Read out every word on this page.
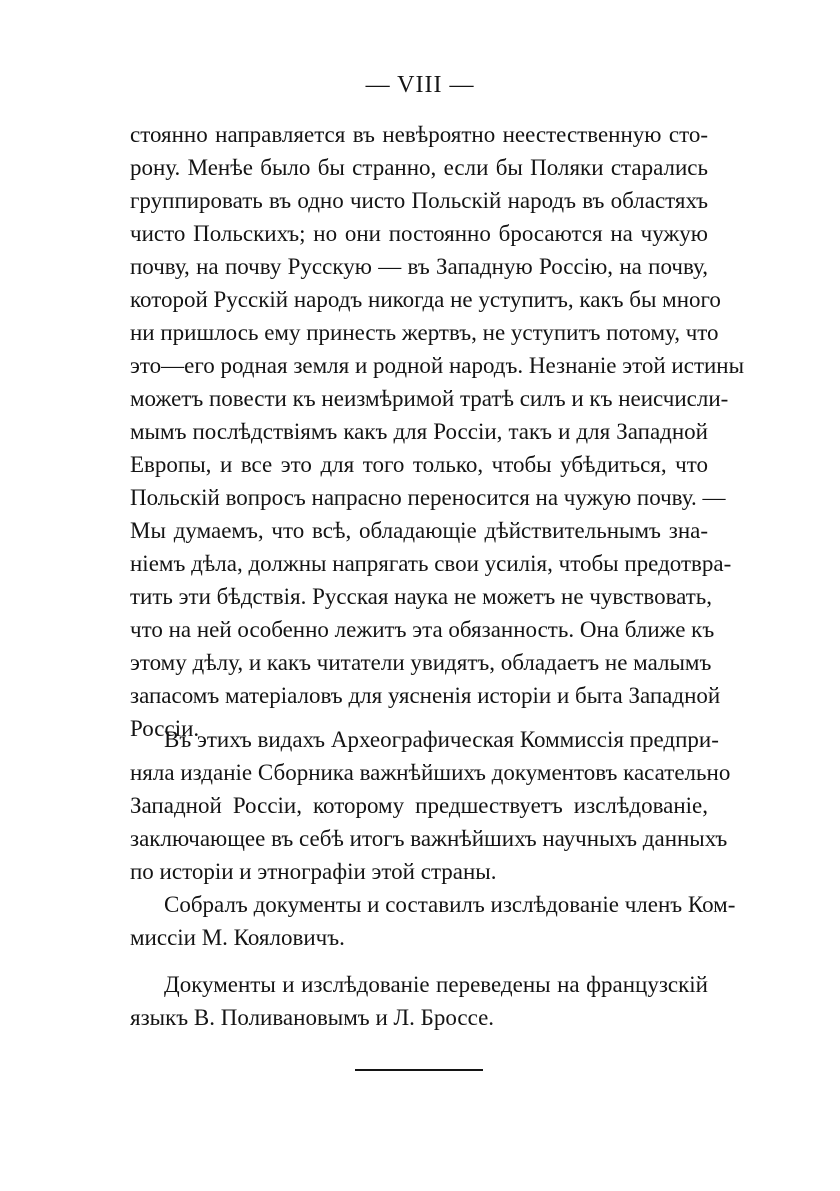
— VIII —
стоянно направляется въ невѣроятно неестественную сто-
рону. Менѣе было бы странно, если бы Поляки старались
группировать въ одно чисто Польскій народъ въ областяхъ
чисто Польскихъ; но они постоянно бросаются на чужую
почву, на почву Русскую — въ Западную Россію, на почву,
которой Русскій народъ никогда не уступитъ, какъ бы много
ни пришлось ему принесть жертвъ, не уступитъ потому, что
это—его родная земля и родной народъ. Незнаніе этой истины
можетъ повести къ неизмѣримой тратѣ силъ и къ неисчисли-
мымъ послѣдствіямъ какъ для Россіи, такъ и для Западной
Европы, и все это для того только, чтобы убѣдиться, что
Польскій вопросъ напрасно переносится на чужую почву. —
Мы думаемъ, что всѣ, обладающіе дѣйствительнымъ зна-
ніемъ дѣла, должны напрягать свои усилія, чтобы предотвра-
тить эти бѣдствія. Русская наука не можетъ не чувствовать,
что на ней особенно лежитъ эта обязанность. Она ближе къ
этому дѣлу, и какъ читатели увидятъ, обладаетъ не малымъ
запасомъ матеріаловъ для уясненія исторіи и быта Западной
Россіи.
Въ этихъ видахъ Археографическая Коммиссія предпри-
няла изданіе Сборника важнѣйшихъ документовъ касательно
Западной Россіи, которому предшествуетъ изслѣдованіе,
заключающее въ себѣ итогъ важнѣйшихъ научныхъ данныхъ
по исторіи и этнографіи этой страны.
Собралъ документы и составилъ изслѣдованіе членъ Ком-
миссіи М. Кояловичъ.
Документы и изслѣдованіе переведены на французскій
языкъ В. Поливановымъ и Л. Броссе.
